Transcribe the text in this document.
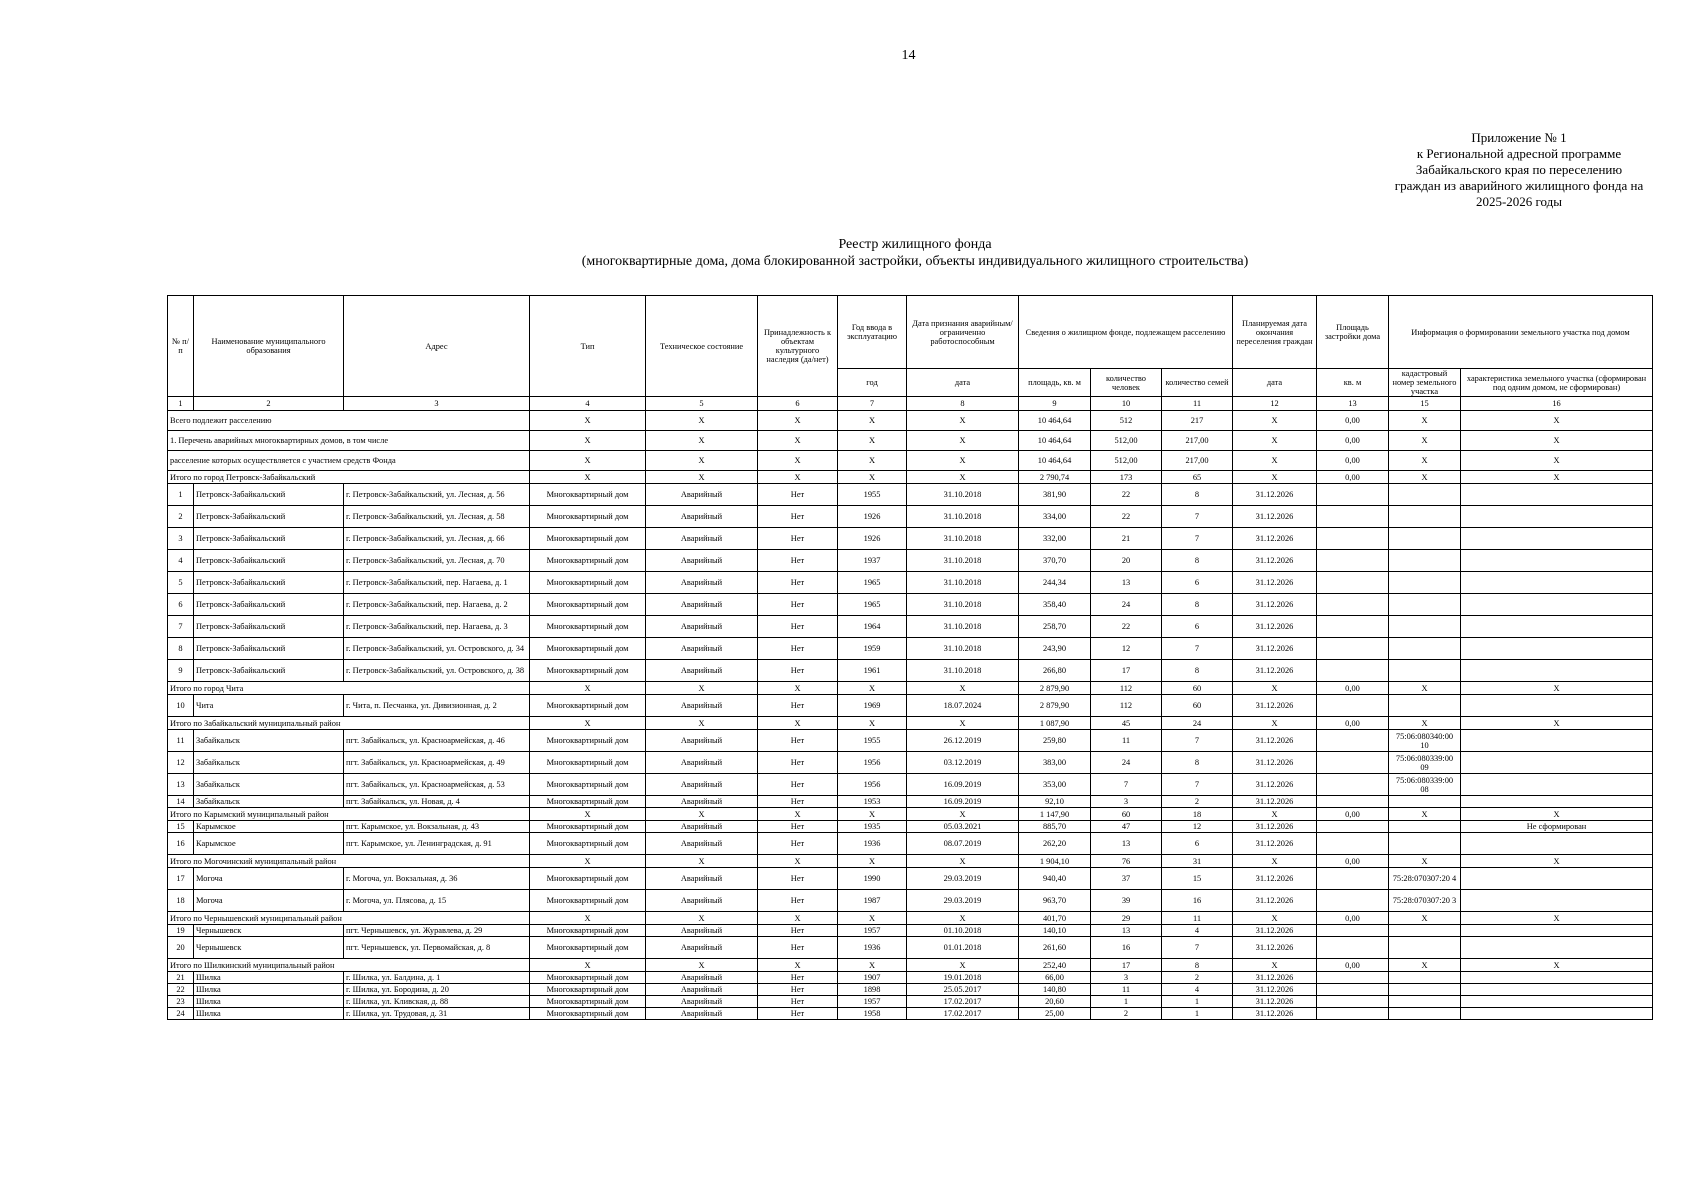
14
Приложение № 1
к Региональной адресной программе
Забайкальского края по переселению
граждан из аварийного жилищного фонда на
2025-2026 годы
Реестр жилищного фонда
(многоквартирные дома, дома блокированной застройки, объекты индивидуального жилищного строительства)
№ п/п	Наименование муниципального образования	Адрес	Тип	Техническое состояние	Принадлежность к объектам культурного наследия (да/нет)	Год ввода в эксплуатацию	Дата признания аварийным/ограниченно работоспособным	Сведения о жилищном фонде, подлежащем расселению			Планируемая дата окончания переселения граждан	Площадь застройки дома	Информация о формировании земельного участка под домом	
						год	дата	площадь, кв. м	количество человек	количество семей	дата	кв. м	кадастровый номер земельного участка	характеристика земельного участка (сформирован под одним домом, не сформирован)
1	2	3	4	5	6	7	8	9	10	11	12	13	15	16
Всего подлежит расселению			X	X	X	X	X	10 464,64	512	217	X	0,00	X	X
1. Перечень аварийных многоквартирных домов, в том числе			X	X	X	X	X	10 464,64	512,00	217,00	X	0,00	X	X
расселение которых осуществляется с участием средств Фонда			X	X	X	X	X	10 464,64	512,00	217,00	X	0,00	X	X
Итого по город Петровск-Забайкальский			X	X	X	X	X	2 790,74	173	65	X	0,00	X	X
1	Петровск-Забайкальский	г. Петровск-Забайкальский, ул. Лесная, д. 56	Многоквартирный дом	Аварийный	Нет	1955	31.10.2018	381,90	22	8	31.12.2026			
2	Петровск-Забайкальский	г. Петровск-Забайкальский, ул. Лесная, д. 58	Многоквартирный дом	Аварийный	Нет	1926	31.10.2018	334,00	22	7	31.12.2026			
3	Петровск-Забайкальский	г. Петровск-Забайкальский, ул. Лесная, д. 66	Многоквартирный дом	Аварийный	Нет	1926	31.10.2018	332,00	21	7	31.12.2026			
4	Петровск-Забайкальский	г. Петровск-Забайкальский, ул. Лесная, д. 70	Многоквартирный дом	Аварийный	Нет	1937	31.10.2018	370,70	20	8	31.12.2026			
5	Петровск-Забайкальский	г. Петровск-Забайкальский, пер. Нагаева, д. 1	Многоквартирный дом	Аварийный	Нет	1965	31.10.2018	244,34	13	6	31.12.2026			
6	Петровск-Забайкальский	г. Петровск-Забайкальский, пер. Нагаева, д. 2	Многоквартирный дом	Аварийный	Нет	1965	31.10.2018	358,40	24	8	31.12.2026			
7	Петровск-Забайкальский	г. Петровск-Забайкальский, пер. Нагаева, д. 3	Многоквартирный дом	Аварийный	Нет	1964	31.10.2018	258,70	22	6	31.12.2026			
8	Петровск-Забайкальский	г. Петровск-Забайкальский, ул. Островского, д. 34	Многоквартирный дом	Аварийный	Нет	1959	31.10.2018	243,90	12	7	31.12.2026			
9	Петровск-Забайкальский	г. Петровск-Забайкальский, ул. Островского, д. 38	Многоквартирный дом	Аварийный	Нет	1961	31.10.2018	266,80	17	8	31.12.2026			
Итого по город Чита			X	X	X	X	X	2 879,90	112	60	X	0,00	X	X
10	Чита	г. Чита, п. Песчанка, ул. Дивизионная, д. 2	Многоквартирный дом	Аварийный	Нет	1969	18.07.2024	2 879,90	112	60	31.12.2026			
Итого по Забайкальский муниципальный район			X	X	X	X	X	1 087,90	45	24	X	0,00	X	X
11	Забайкальск	пгт. Забайкальск, ул. Красноармейская, д. 46	Многоквартирный дом	Аварийный	Нет	1955	26.12.2019	259,80	11	7	31.12.2026		75:06:080340:00 10	
12	Забайкальск	пгт. Забайкальск, ул. Красноармейская, д. 49	Многоквартирный дом	Аварийный	Нет	1956	03.12.2019	383,00	24	8	31.12.2026		75:06:080339:00 09	
13	Забайкальск	пгт. Забайкальск, ул. Красноармейская, д. 53	Многоквартирный дом	Аварийный	Нет	1956	16.09.2019	353,00	7	7	31.12.2026		75:06:080339:00 08	
14	Забайкальск	пгт. Забайкальск, ул. Новая, д. 4	Многоквартирный дом	Аварийный	Нет	1953	16.09.2019	92,10	3	2	31.12.2026			
Итого по Карымский муниципальный район			X	X	X	X	X	1 147,90	60	18	X	0,00	X	X
15	Карымское	пгт. Карымское, ул. Вокзальная, д. 43	Многоквартирный дом	Аварийный	Нет	1935	05.03.2021	885,70	47	12	31.12.2026			Не сформирован
16	Карымское	пгт. Карымское, ул. Ленинградская, д. 91	Многоквартирный дом	Аварийный	Нет	1936	08.07.2019	262,20	13	6	31.12.2026			
Итого по Могочинский муниципальный район			X	X	X	X	X	1 904,10	76	31	X	0,00	X	X
17	Могоча	г. Могоча, ул. Вокзальная, д. 36	Многоквартирный дом	Аварийный	Нет	1990	29.03.2019	940,40	37	15	31.12.2026		75:28:070307:20 4	
18	Могоча	г. Могоча, ул. Плясова, д. 15	Многоквартирный дом	Аварийный	Нет	1987	29.03.2019	963,70	39	16	31.12.2026		75:28:070307:20 3	
Итого по Чернышевский муниципальный район			X	X	X	X	X	401,70	29	11	X	0,00	X	X
19	Чернышевск	пгт. Чернышевск, ул. Журавлева, д. 29	Многоквартирный дом	Аварийный	Нет	1957	01.10.2018	140,10	13	4	31.12.2026			
20	Чернышевск	пгт. Чернышевск, ул. Первомайская, д. 8	Многоквартирный дом	Аварийный	Нет	1936	01.01.2018	261,60	16	7	31.12.2026			
Итого по Шилкинский муниципальный район			X	X	X	X	X	252,40	17	8	X	0,00	X	X
21	Шилка	г. Шилка, ул. Балдина, д. 1	Многоквартирный дом	Аварийный	Нет	1907	19.01.2018	66,00	3	2	31.12.2026			
22	Шилка	г. Шилка, ул. Бородина, д. 20	Многоквартирный дом	Аварийный	Нет	1898	25.05.2017	140,80	11	4	31.12.2026			
23	Шилка	г. Шилка, ул. Кливская, д. 88	Многоквартирный дом	Аварийный	Нет	1957	17.02.2017	20,60	1	1	31.12.2026			
24	Шилка	г. Шилка, ул. Трудовая, д. 31	Многоквартирный дом	Аварийный	Нет	1958	17.02.2017	25,00	2	1	31.12.2026			
